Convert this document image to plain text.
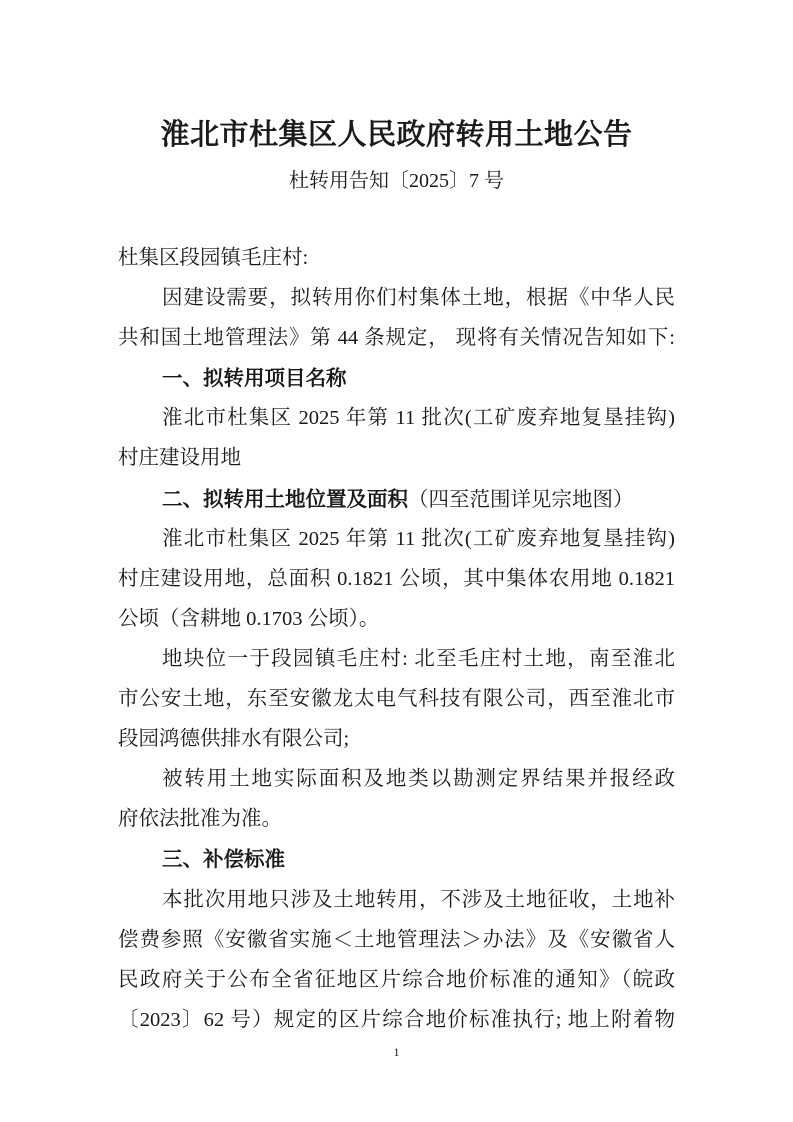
淮北市杜集区人民政府转用土地公告
杜转用告知〔2025〕7 号
杜集区段园镇毛庄村:
因建设需要，拟转用你们村集体土地，根据《中华人民
共和国土地管理法》第 44 条规定， 现将有关情况告知如下:
一、拟转用项目名称
淮北市杜集区 2025 年第 11 批次(工矿废弃地复垦挂钩)
村庄建设用地
二、拟转用土地位置及面积（四至范围详见宗地图）
淮北市杜集区 2025 年第 11 批次(工矿废弃地复垦挂钩)
村庄建设用地，总面积 0.1821 公顷，其中集体农用地 0.1821
公顷（含耕地 0.1703 公顷）。
地块位一于段园镇毛庄村: 北至毛庄村土地，南至淮北
市公安土地，东至安徽龙太电气科技有限公司，西至淮北市
段园鸿德供排水有限公司;
被转用土地实际面积及地类以勘测定界结果并报经政
府依法批准为准。
三、补偿标准
本批次用地只涉及土地转用，不涉及土地征收，土地补
偿费参照《安徽省实施＜土地管理法＞办法》及《安徽省人
民政府关于公布全省征地区片综合地价标准的通知》（皖政
〔2023〕62 号）规定的区片综合地价标准执行; 地上附着物
1
